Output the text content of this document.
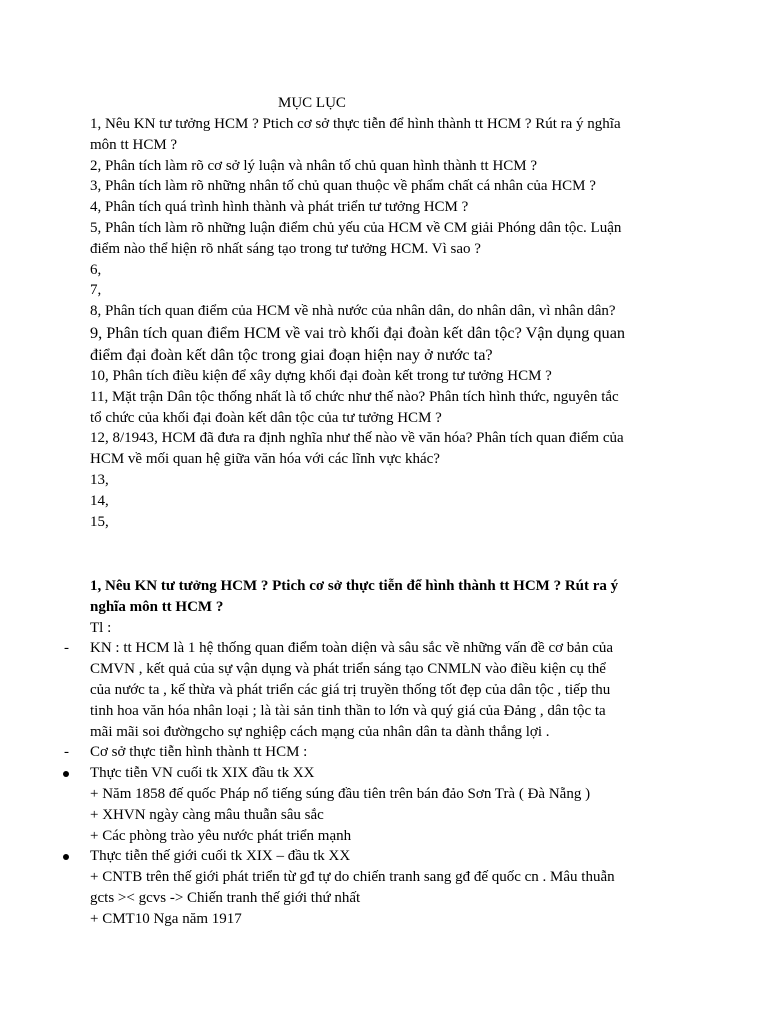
MỤC LỤC
1, Nêu KN tư tưởng HCM ? Ptich cơ sở thực tiễn để hình thành tt HCM ? Rút ra ý nghĩa
môn tt HCM ?
2, Phân tích làm rõ cơ sở lý luận và nhân tố chủ quan hình thành tt HCM ?
3, Phân tích làm rõ những nhân tố chủ quan thuộc về phẩm chất cá nhân của HCM ?
4, Phân tích quá trình hình thành và phát triển tư tưởng HCM ?
5, Phân tích làm rõ những luận điểm chủ yếu của HCM về CM giải Phóng dân tộc. Luận
điểm nào thể hiện rõ nhất sáng tạo trong tư tưởng HCM. Vì sao ?
6,
7,
8, Phân tích quan điểm của HCM về nhà nước của nhân dân, do nhân dân, vì nhân dân?
9, Phân tích quan điểm HCM về vai trò khối đại đoàn kết dân tộc? Vận dụng quan
điểm đại đoàn kết dân tộc trong giai đoạn hiện nay ở nước ta?
10, Phân tích điều kiện để xây dựng khối đại đoàn kết trong tư tưởng HCM ?
11, Mặt trận Dân tộc thống nhất là tổ chức như thế nào? Phân tích hình thức, nguyên tắc
tổ chức của khối đại đoàn kết dân tộc của tư tưởng HCM ?
12, 8/1943, HCM đã đưa ra định nghĩa như thế nào về văn hóa? Phân tích quan điểm của
HCM về mối quan hệ giữa văn hóa với các lĩnh vực khác?
13,
14,
15,
1, Nêu KN tư tưởng HCM ? Ptich cơ sở thực tiễn để hình thành tt HCM ? Rút ra ý
nghĩa môn tt HCM ?
Tl :
- KN : tt HCM là 1 hệ thống quan điểm toàn diện và sâu sắc về những vấn đề cơ bản của
CMVN , kết quả của sự vận dụng và phát triển sáng tạo CNMLN vào điều kiện cụ thể
của nước ta , kế thừa và phát triển các giá trị truyền thống tốt đẹp của dân tộc , tiếp thu
tinh hoa văn hóa nhân loại ; là tài sản tinh thần to lớn và quý giá của Đảng , dân tộc ta
mãi mãi soi đườngcho sự nghiệp cách mạng của nhân dân ta dành thắng lợi .
- Cơ sở thực tiễn hình thành tt HCM :
Thực tiễn VN cuối tk XIX đầu tk XX
+ Năm 1858 đế quốc Pháp nổ tiếng súng đầu tiên trên bán đảo Sơn Trà ( Đà Nẵng )
+ XHVN ngày càng mâu thuẫn sâu sắc
+ Các phòng trào yêu nước phát triển mạnh
Thực tiễn thế giới cuối tk XIX – đầu tk XX
+ CNTB trên thế giới phát triển từ gđ tự do chiến tranh sang gđ đế quốc cn . Mâu thuẫn
gcts >< gcvs -> Chiến tranh thế giới thứ nhất
+ CMT10 Nga năm 1917
